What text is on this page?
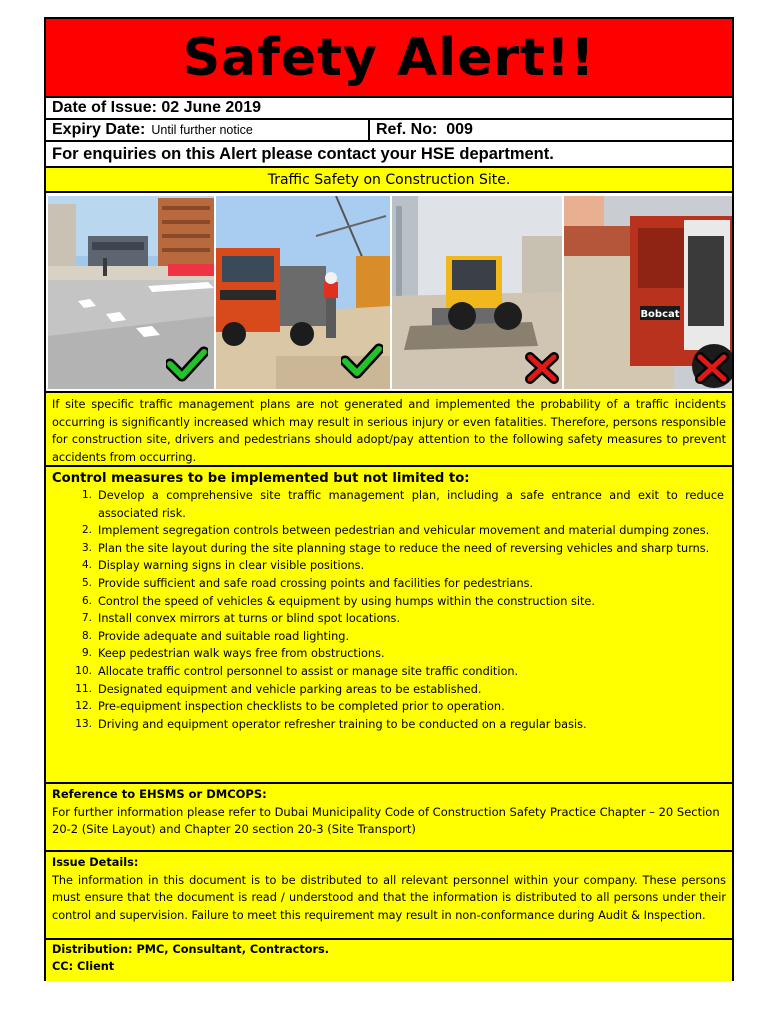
Safety Alert!!
Date of Issue:
02 June 2019
Expiry Date: Until further notice	Ref. No: 009
For enquiries on this Alert please contact your HSE department.
Traffic Safety on Construction Site.
Bobcat
If site specific traffic management plans are not generated and implemented the probability of a traffic incidents occurring is significantly increased which may result in serious injury or even fatalities. Therefore, persons responsible for construction site, drivers and pedestrians should adopt/pay attention to the following safety measures to prevent accidents from occurring.
Control measures to be implemented but not limited to:
1. Develop a comprehensive site traffic management plan, including a safe entrance and exit to reduce associated risk.
2. Implement segregation controls between pedestrian and vehicular movement and material dumping zones.
3. Plan the site layout during the site planning stage to reduce the need of reversing vehicles and sharp turns.
4. Display warning signs in clear visible positions.
5. Provide sufficient and safe road crossing points and facilities for pedestrians.
6. Control the speed of vehicles & equipment by using humps within the construction site.
7. Install convex mirrors at turns or blind spot locations.
8. Provide adequate and suitable road lighting.
9. Keep pedestrian walk ways free from obstructions.
10. Allocate traffic control personnel to assist or manage site traffic condition.
11. Designated equipment and vehicle parking areas to be established.
12. Pre-equipment inspection checklists to be completed prior to operation.
13. Driving and equipment operator refresher training to be conducted on a regular basis.
Reference to EHSMS or DMCOPS:
For further information please refer to Dubai Municipality Code of Construction Safety Practice Chapter – 20 Section 20-2 (Site Layout) and Chapter 20 section 20-3 (Site Transport)
Issue Details:
The information in this document is to be distributed to all relevant personnel within your company. These persons must ensure that the document is read / understood and that the information is distributed to all persons under their control and supervision. Failure to meet this requirement may result in non-conformance during Audit & Inspection.
Distribution: PMC, Consultant, Contractors.
CC: Client
